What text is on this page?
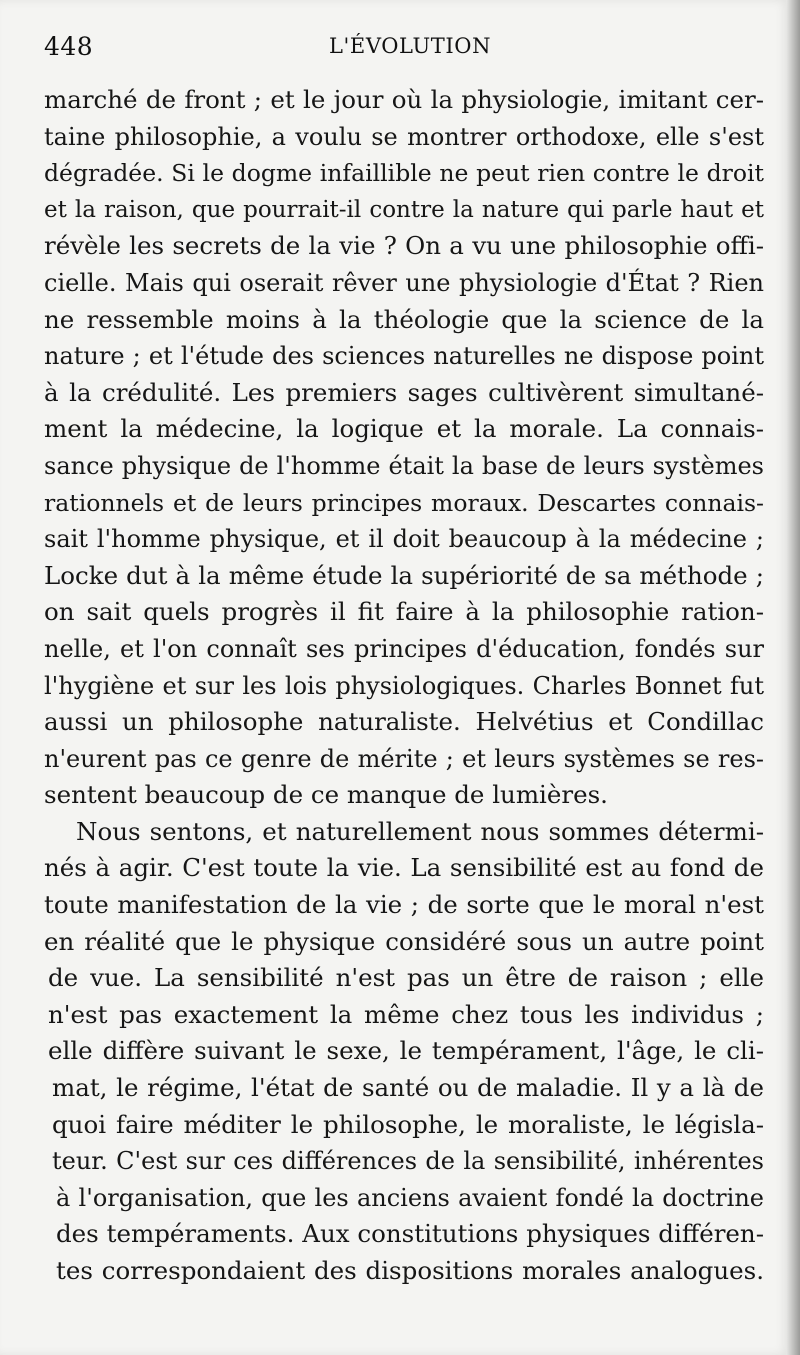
448	L'ÉVOLUTION
marché de front ; et le jour où la physiologie, imitant cer-
taine philosophie, a voulu se montrer orthodoxe, elle s'est
dégradée. Si le dogme infaillible ne peut rien contre le droit
et la raison, que pourrait-il contre la nature qui parle haut et
révèle les secrets de la vie ? On a vu une philosophie offi-
cielle. Mais qui oserait rêver une physiologie d'État ? Rien
ne ressemble moins à la théologie que la science de la
nature ; et l'étude des sciences naturelles ne dispose point
à la crédulité. Les premiers sages cultivèrent simultané-
ment la médecine, la logique et la morale. La connais-
sance physique de l'homme était la base de leurs systèmes
rationnels et de leurs principes moraux. Descartes connais-
sait l'homme physique, et il doit beaucoup à la médecine ;
Locke dut à la même étude la supériorité de sa méthode ;
on sait quels progrès il fit faire à la philosophie ration-
nelle, et l'on connaît ses principes d'éducation, fondés sur
l'hygiène et sur les lois physiologiques. Charles Bonnet fut
aussi un philosophe naturaliste. Helvétius et Condillac
n'eurent pas ce genre de mérite ; et leurs systèmes se res-
sentent beaucoup de ce manque de lumières.
Nous sentons, et naturellement nous sommes détermi-
nés à agir. C'est toute la vie. La sensibilité est au fond de
toute manifestation de la vie ; de sorte que le moral n'est
en réalité que le physique considéré sous un autre point
de vue. La sensibilité n'est pas un être de raison ; elle
n'est pas exactement la même chez tous les individus ;
elle diffère suivant le sexe, le tempérament, l'âge, le cli-
mat, le régime, l'état de santé ou de maladie. Il y a là de
quoi faire méditer le philosophe, le moraliste, le législa-
teur. C'est sur ces différences de la sensibilité, inhérentes
à l'organisation, que les anciens avaient fondé la doctrine
des tempéraments. Aux constitutions physiques différen-
tes correspondaient des dispositions morales analogues.
